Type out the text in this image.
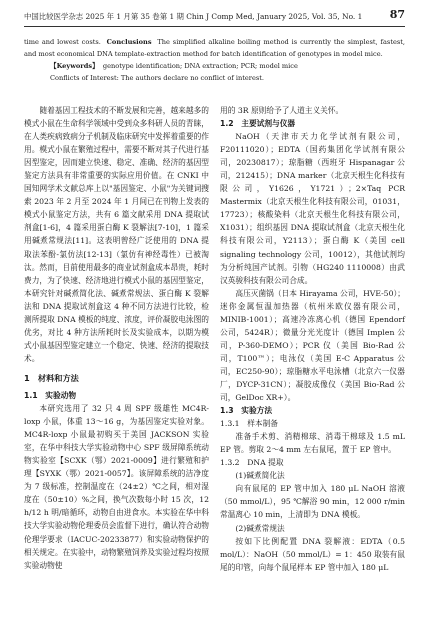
中国比较医学杂志 2025 年 1 月第 35 卷第 1 期 Chin J Comp Med, January 2025, Vol. 35, No. 1 87

time and lowest costs. Conclusions The simplified alkaline boiling method is currently the simplest, fastest, and most economical DNA template-extraction method for batch identification of genotypes in model mice.

【Keywords】 genotype identification; DNA extraction; PCR; model mice

Conflicts of Interest: The authors declare no conflict of interest.

随着基因工程技术的不断发展和完善，越来越多的模式小鼠在生命科学领域中受到众多科研人员的青睐，在人类疾病致病分子机制及临床研究中发挥着重要的作用。模式小鼠在繁殖过程中，需要不断对其子代进行基因型鉴定，因而建立快速、稳定、准确、经济的基因型鉴定方法具有非常重要的实际应用价值。在 CNKI 中国知网学术文献总库上以"基因鉴定、小鼠"为关键词搜索 2023 年 2 月至 2024 年 1 月间已在刊物上发表的模式小鼠鉴定方法，共有 6 篇文献采用 DNA 提取试剂盒[1-6]，4 篇采用蛋白酶 K 裂解法[7-10]，1 篇采用碱煮常规法[11]。这表明曾经广泛使用的 DNA 提取法苯酚-氯仿法[12-13]（氯仿有神经毒性）已被淘汰。然而，目前使用最多的商业试剂盒成本昂贵，耗时费力，为了快速、经济地进行模式小鼠的基因型鉴定，本研究针对碱煮简化法、碱煮常规法、蛋白酶 K 裂解法和 DNA 提取试剂盒这 4 种不同方法进行比较，检测所提取 DNA 模板的纯度、浓度，评价凝胶电泳图的优劣，对比 4 种方法所耗时长及实验成本，以期为模式小鼠基因型鉴定建立一个稳定、快速、经济的提取技术。

1　材料和方法

1.1　实验动物

本研究选用了 32 只 4 周 SPF 级雄性 MC4R-loxp 小鼠，体重 13～16 g，为基因鉴定实验对象。MC4R-loxp 小鼠最初购买于美国 JACKSON 实验室，在华中科技大学实验动物中心 SPF 级屏障系统动物实验室【SCXK（鄂）2021-0009】进行繁殖和护理【SYXK（鄂）2021-0057】。该屏障系统的洁净度为 7 级标准，控制温度在（24±2）℃之间，相对湿度在（50±10）%之间，换气次数每小时 15 次，12 h/12 h 明/暗循环，动物自由进食水。本实验在华中科技大学实验动物伦理委员会监督下进行，确认符合动物伦理学要求（IACUC-20233877）和实验动物保护的相关规定。在实验中，动物繁殖饲养及实验过程均按照实验动物使

用的 3R 原则给予了人道主义关怀。

1.2　主要试剂与仪器

NaOH（天津市天力化学试剂有限公司，F20111020）；EDTA（国药集团化学试剂有限公司，20230817）；琼脂糖（西班牙 Hispanagar 公司，212415）；DNA marker（北京天根生化科技有限公司，Y1626，Y1721）；2×Taq PCR Mastermix（北京天根生化科技有限公司，01031，17723）；核酸染料（北京天根生化科技有限公司，X1031）；组织基因 DNA 提取试剂盒（北京天根生化科技有限公司，Y2113）；蛋白酶 K（美国 cell signaling technology 公司，10012），其他试剂均为分析纯国产试剂。引物（HG240 1110008）由武汉英骏科技有限公司合成。

高压灭菌锅（日本 Hirayama 公司，HVE-50）；迷你金属恒温加热器（杭州米欧仪器有限公司，MINIB-1001）；高速冷冻离心机（德国 Ependorf 公司，5424R）；微量分光光度计（德国 Implen 公司，P-360-DEMO）；PCR 仪（美国 Bio-Rad 公司，T100™）；电泳仪（美国 E-C Apparatus 公司，EC250-90）；琼脂糖水平电泳槽（北京六一仪器厂，DYCP-31CN）；凝胶成像仪（美国 Bio-Rad 公司，GelDoc XR+）。

1.3　实验方法

1.3.1　样本制备

准备手术剪、消精棉球、消毒干棉球及 1.5 mL EP 管。剪取 2～4 mm 左右鼠尾，置于 EP 管中。

1.3.2　DNA 提取

(1)碱煮简化法

向有鼠尾的 EP 管中加入 180 μL NaOH 溶液（50 mmol/L），95 ℃解浴 90 min，12 000 r/min 常温离心 10 min，上清即为 DNA 模板。

(2)碱煮常规法

按如下比例配置 DNA 裂解液：EDTA（0.5 mol/L）：NaOH（50 mmol/L）= 1：450 取装有鼠尾的印管，向每个鼠尾样本 EP 管中加入 180 μL
